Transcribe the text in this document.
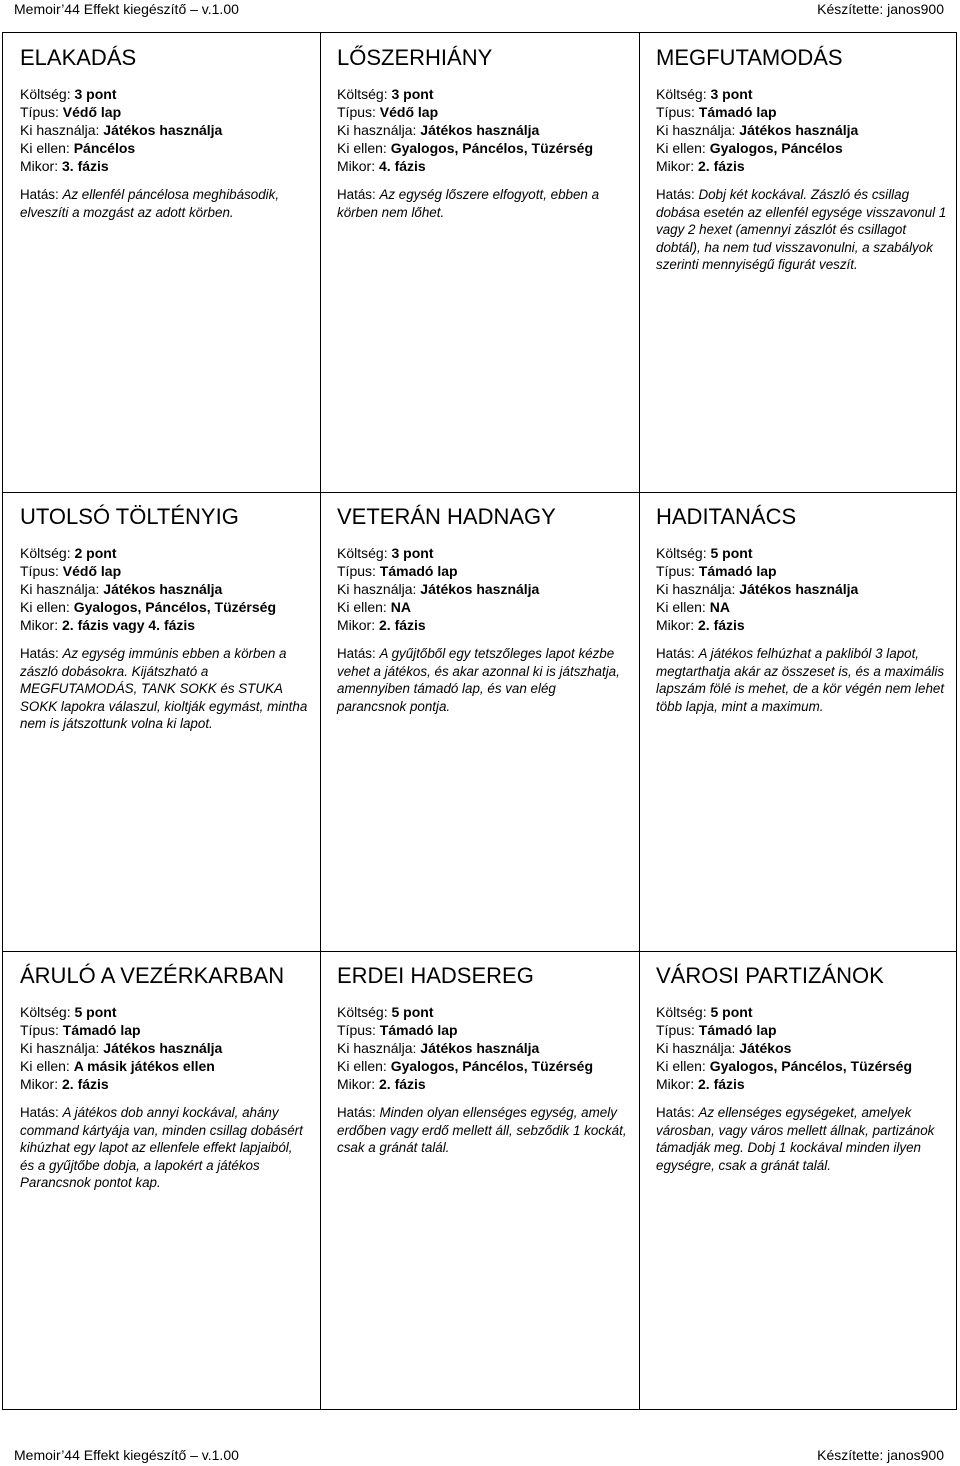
Memoir’44 Effekt kiegészítő – v.1.00	Készítette: janos900
ELAKADÁS

Költség: 3 pont

Típus: Védő lap

Ki használja: Játékos használja

Ki ellen: Páncélos

Mikor: 3. fázis

Hatás: Az ellenfél páncélosa meghibásodik, elveszíti a mozgást az adott körben.

LŐSZERHIÁNY

Költség: 3 pont

Típus: Védő lap

Ki használja: Játékos használja

Ki ellen: Gyalogos, Páncélos, Tüzérség

Mikor: 4. fázis

Hatás: Az egység lőszere elfogyott, ebben a körben nem lőhet.

MEGFUTAMODÁS

Költség: 3 pont

Típus: Támadó lap

Ki használja: Játékos használja

Ki ellen: Gyalogos, Páncélos

Mikor: 2. fázis

Hatás: Dobj két kockával. Zászló és csillag dobása esetén az ellenfél egysége visszavonul 1 vagy 2 hexet (amennyi zászlót és csillagot dobtál), ha nem tud visszavonulni, a szabályok szerinti mennyiségű figurát veszít.

UTOLSÓ TÖLTÉNYIG

Költség: 2 pont

Típus: Védő lap

Ki használja: Játékos használja

Ki ellen: Gyalogos, Páncélos, Tüzérség

Mikor: 2. fázis vagy 4. fázis

Hatás: Az egység immúnis ebben a körben a zászló dobásokra. Kijátszható a MEGFUTAMODÁS, TANK SOKK és STUKA SOKK lapokra válaszul, kioltják egymást, mintha nem is játszottunk volna ki lapot.

VETERÁN HADNAGY

Költség: 3 pont

Típus: Támadó lap

Ki használja: Játékos használja

Ki ellen: NA

Mikor: 2. fázis

Hatás: A gyűjtőből egy tetszőleges lapot kézbe vehet a játékos, és akar azonnal ki is játszhatja, amennyiben támadó lap, és van elég parancsnok pontja.

HADITANÁCS

Költség: 5 pont

Típus: Támadó lap

Ki használja: Játékos használja

Ki ellen: NA

Mikor: 2. fázis

Hatás: A játékos felhúzhat a pakliból 3 lapot, megtarthatja akár az összeset is, és a maximális lapszám fölé is mehet, de a kör végén nem lehet több lapja, mint a maximum.

ÁRULÓ A VEZÉRKARBAN

Költség: 5 pont

Típus: Támadó lap

Ki használja: Játékos használja

Ki ellen: A másik játékos ellen

Mikor: 2. fázis

Hatás: A játékos dob annyi kockával, ahány command kártyája van, minden csillag dobásért kihúzhat egy lapot az ellenfele effekt lapjaiból, és a gyűjtőbe dobja, a lapokért a játékos Parancsnok pontot kap.

ERDEI HADSEREG

Költség: 5 pont

Típus: Támadó lap

Ki használja: Játékos használja

Ki ellen: Gyalogos, Páncélos, Tüzérség

Mikor: 2. fázis

Hatás: Minden olyan ellenséges egység, amely erdőben vagy erdő mellett áll, sebződik 1 kockát, csak a gránát talál.

VÁROSI PARTIZÁNOK

Költség: 5 pont

Típus: Támadó lap

Ki használja: Játékos

Ki ellen: Gyalogos, Páncélos, Tüzérség

Mikor: 2. fázis

Hatás: Az ellenséges egységeket, amelyek városban, vagy város mellett állnak, partizánok támadják meg. Dobj 1 kockával minden ilyen egységre, csak a gránát talál.

Memoir’44 Effekt kiegészítő – v.1.00	Készítette: janos900
